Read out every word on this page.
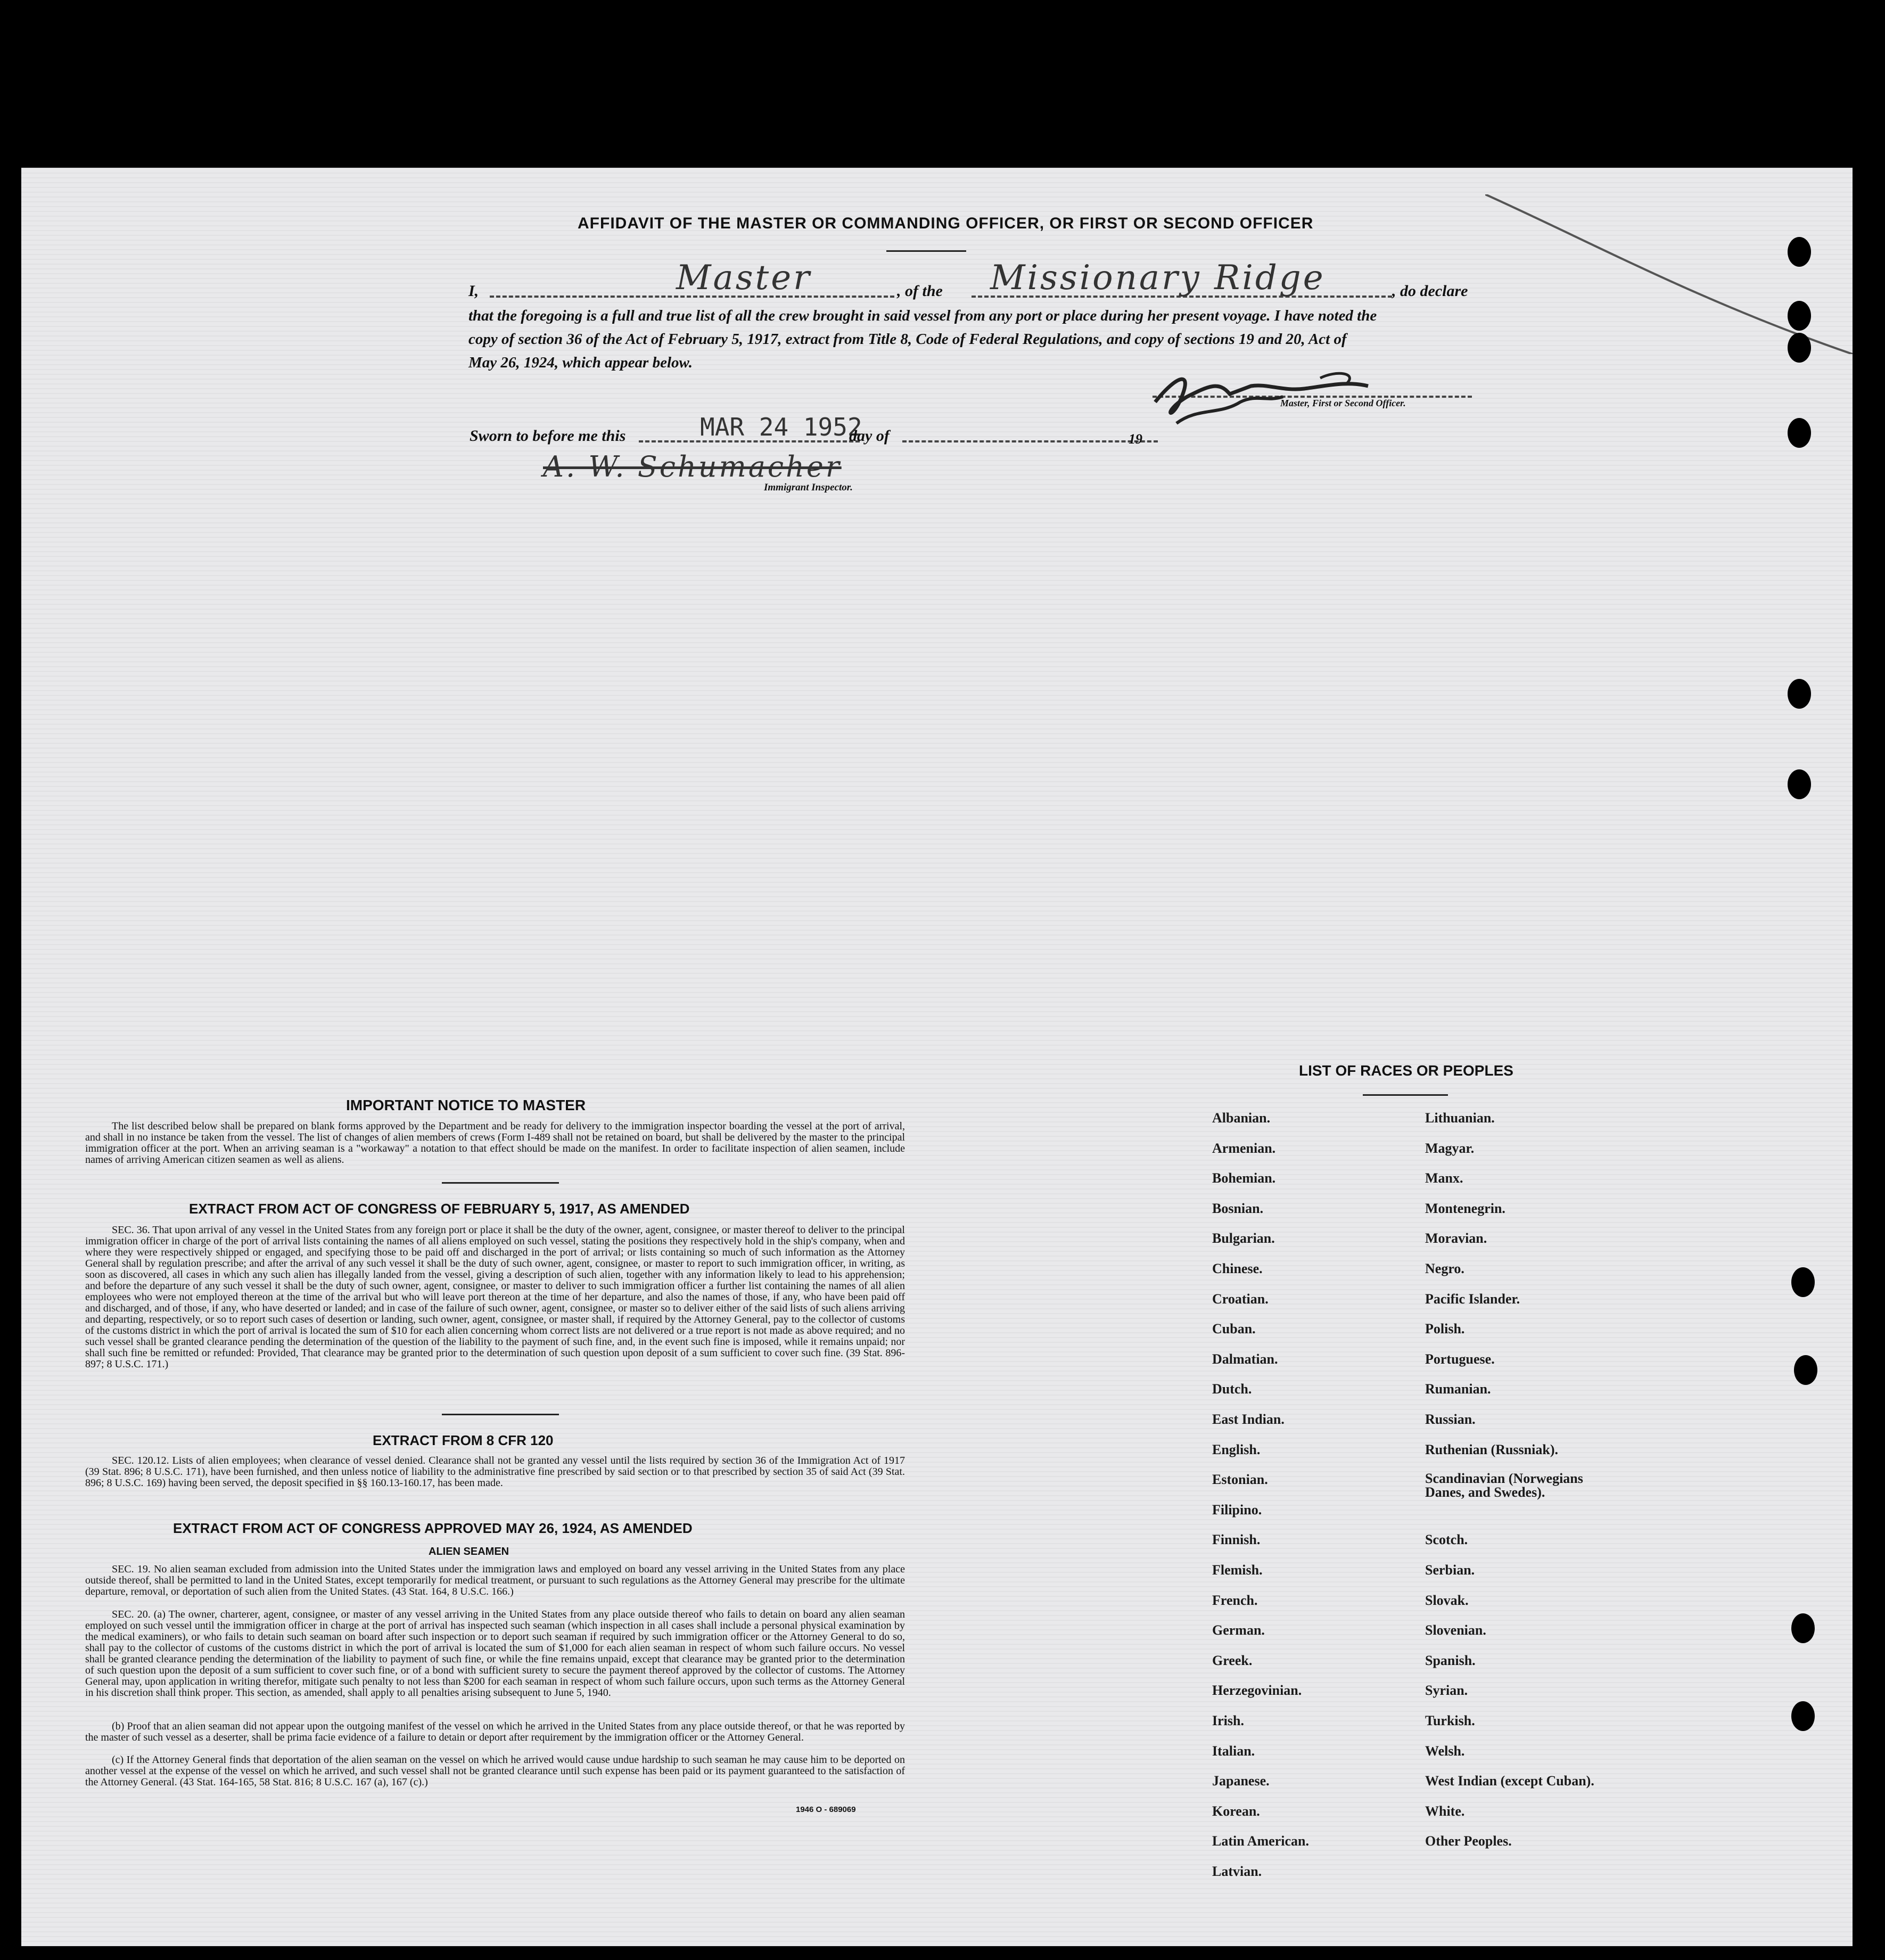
AFFIDAVIT OF THE MASTER OR COMMANDING OFFICER, OR FIRST OR SECOND OFFICER
I,	Master	, of the Missionary Ridge	, do declare
that the foregoing is a full and true list of all the crew brought in said vessel from any port or place during her present voyage. I have noted the
copy of section 36 of the Act of February 5, 1917, extract from Title 8, Code of Federal Regulations, and copy of sections 19 and 20, Act of
May 26, 1924, which appear below.
Master, First or Second Officer.
Sworn to before me this	MAR 24 1952
day of	19
A. W. Schumacher
Immigrant Inspector.
IMPORTANT NOTICE TO MASTER
The list described below shall be prepared on blank forms approved by the Department and be ready for delivery to the immigration inspector boarding the vessel at the port of arrival, and shall in no instance be taken from the vessel. The list of changes of alien members of crews (Form I-489 shall not be retained on board, but shall be delivered by the master to the principal immigration officer at the port. When an arriving seaman is a "workaway" a notation to that effect should be made on the manifest. In order to facilitate inspection of alien seamen, include names of arriving American citizen seamen as well as aliens.
EXTRACT FROM ACT OF CONGRESS OF FEBRUARY 5, 1917, AS AMENDED
SEC. 36. That upon arrival of any vessel in the United States from any foreign port or place it shall be the duty of the owner, agent, consignee, or master thereof to deliver to the principal immigration officer in charge of the port of arrival lists containing the names of all aliens employed on such vessel, stating the positions they respectively hold in the ship's company, when and where they were respectively shipped or engaged, and specifying those to be paid off and discharged in the port of arrival; or lists containing so much of such information as the Attorney General shall by regulation prescribe; and after the arrival of any such vessel it shall be the duty of such owner, agent, consignee, or master to report to such immigration officer, in writing, as soon as discovered, all cases in which any such alien has illegally landed from the vessel, giving a description of such alien, together with any information likely to lead to his apprehension; and before the departure of any such vessel it shall be the duty of such owner, agent, consignee, or master to deliver to such immigration officer a further list containing the names of all alien employees who were not employed thereon at the time of the arrival but who will leave port thereon at the time of her departure, and also the names of those, if any, who have been paid off and discharged, and of those, if any, who have deserted or landed; and in case of the failure of such owner, agent, consignee, or master so to deliver either of the said lists of such aliens arriving and departing, respectively, or so to report such cases of desertion or landing, such owner, agent, consignee, or master shall, if required by the Attorney General, pay to the collector of customs of the customs district in which the port of arrival is located the sum of $10 for each alien concerning whom correct lists are not delivered or a true report is not made as above required; and no such vessel shall be granted clearance pending the determination of the question of the liability to the payment of such fine, and, in the event such fine is imposed, while it remains unpaid; nor shall such fine be remitted or refunded: Provided, That clearance may be granted prior to the determination of such question upon deposit of a sum sufficient to cover such fine. (39 Stat. 896-897; 8 U.S.C. 171.)
EXTRACT FROM 8 CFR 120
SEC. 120.12. Lists of alien employees; when clearance of vessel denied. Clearance shall not be granted any vessel until the lists required by section 36 of the Immigration Act of 1917 (39 Stat. 896; 8 U.S.C. 171), have been furnished, and then unless notice of liability to the administrative fine prescribed by said section or to that prescribed by section 35 of said Act (39 Stat. 896; 8 U.S.C. 169) having been served, the deposit specified in §§ 160.13-160.17, has been made.
EXTRACT FROM ACT OF CONGRESS APPROVED MAY 26, 1924, AS AMENDED
ALIEN SEAMEN
SEC. 19. No alien seaman excluded from admission into the United States under the immigration laws and employed on board any vessel arriving in the United States from any place outside thereof, shall be permitted to land in the United States, except temporarily for medical treatment, or pursuant to such regulations as the Attorney General may prescribe for the ultimate departure, removal, or deportation of such alien from the United States. (43 Stat. 164, 8 U.S.C. 166.)
SEC. 20. (a) The owner, charterer, agent, consignee, or master of any vessel arriving in the United States from any place outside thereof who fails to detain on board any alien seaman employed on such vessel until the immigration officer in charge at the port of arrival has inspected such seaman (which inspection in all cases shall include a personal physical examination by the medical examiners), or who fails to detain such seaman on board after such inspection or to deport such seaman if required by such immigration officer or the Attorney General to do so, shall pay to the collector of customs of the customs district in which the port of arrival is located the sum of $1,000 for each alien seaman in respect of whom such failure occurs. No vessel shall be granted clearance pending the determination of the liability to payment of such fine, or while the fine remains unpaid, except that clearance may be granted prior to the determination of such question upon the deposit of a sum sufficient to cover such fine, or of a bond with sufficient surety to secure the payment thereof approved by the collector of customs. The Attorney General may, upon application in writing therefor, mitigate such penalty to not less than $200 for each seaman in respect of whom such failure occurs, upon such terms as the Attorney General in his discretion shall think proper. This section, as amended, shall apply to all penalties arising subsequent to June 5, 1940.
(b) Proof that an alien seaman did not appear upon the outgoing manifest of the vessel on which he arrived in the United States from any place outside thereof, or that he was reported by the master of such vessel as a deserter, shall be prima facie evidence of a failure to detain or deport after requirement by the immigration officer or the Attorney General.
(c) If the Attorney General finds that deportation of the alien seaman on the vessel on which he arrived would cause undue hardship to such seaman he may cause him to be deported on another vessel at the expense of the vessel on which he arrived, and such vessel shall not be granted clearance until such expense has been paid or its payment guaranteed to the satisfaction of the Attorney General. (43 Stat. 164-165, 58 Stat. 816; 8 U.S.C. 167 (a), 167 (c).)
1946 O - 689069
LIST OF RACES OR PEOPLES
Albanian.
Armenian.
Bohemian.
Bosnian.
Bulgarian.
Chinese.
Croatian.
Cuban.
Dalmatian.
Dutch.
East Indian.
English.
Estonian.
Filipino.
Finnish.
Flemish.
French.
German.
Greek.
Herzegovinian.
Irish.
Italian.
Japanese.
Korean.
Latin American.
Latvian.
Lithuanian.
Magyar.
Manx.
Montenegrin.
Moravian.
Negro.
Pacific Islander.
Polish.
Portuguese.
Rumanian.
Russian.
Ruthenian (Russniak).
Scandinavian (Norwegians Danes, and Swedes).
Scotch.
Serbian.
Slovak.
Slovenian.
Spanish.
Syrian.
Turkish.
Welsh.
West Indian (except Cuban).
White.
Other Peoples.
